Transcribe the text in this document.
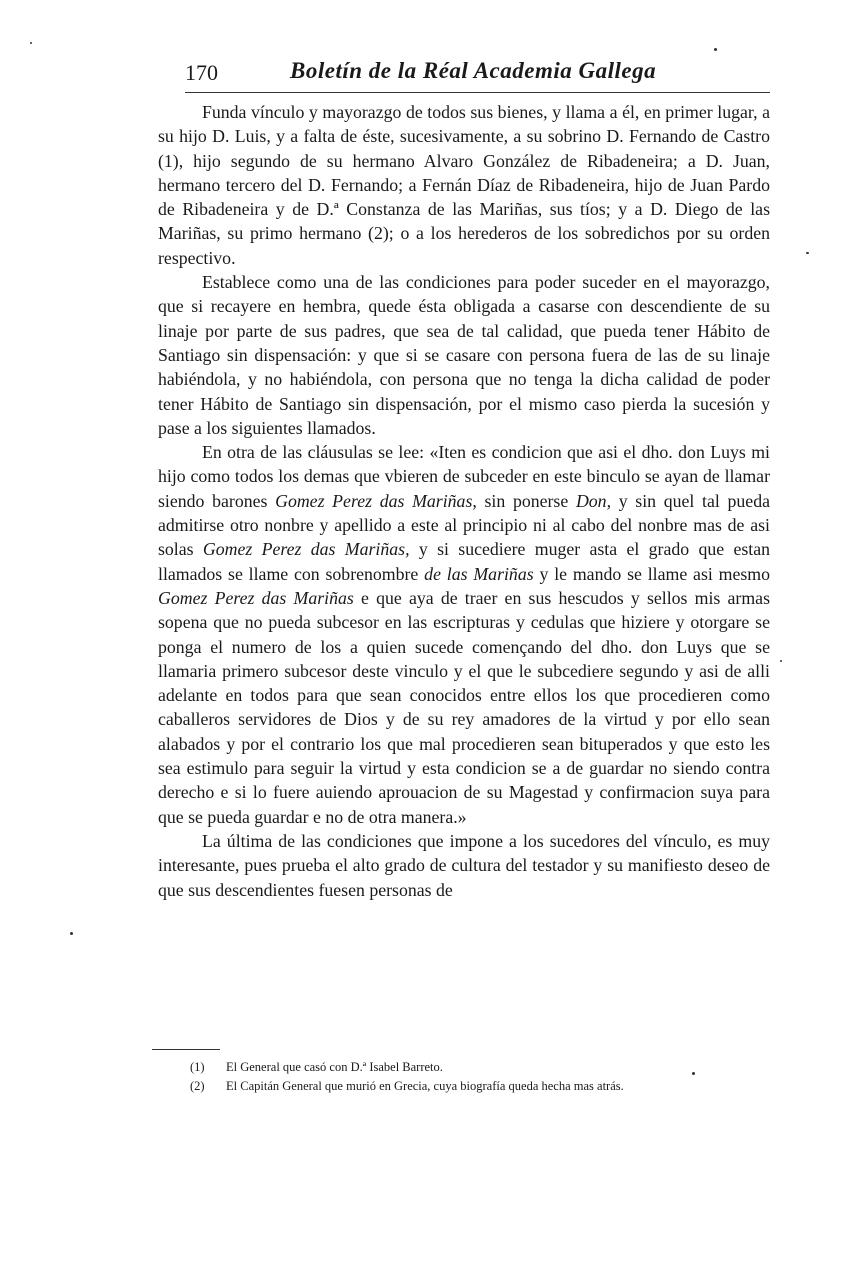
170	Boletín de la Réal Academia Gallega

Funda vínculo y mayorazgo de todos sus bienes, y llama a él, en primer lugar, a su hijo D. Luis, y a falta de éste, sucesivamente, a su sobrino D. Fernando de Castro (1), hijo segundo de su hermano Alvaro González de Ribadeneira; a D. Juan, hermano tercero del D. Fernando; a Fernán Díaz de Ribadeneira, hijo de Juan Pardo de Ribadeneira y de D.ª Constanza de las Mariñas, sus tíos; y a D. Diego de las Mariñas, su primo hermano (2); o a los herederos de los sobredichos por su orden respectivo.

Establece como una de las condiciones para poder suceder en el mayorazgo, que si recayere en hembra, quede ésta obligada a casarse con descendiente de su linaje por parte de sus padres, que sea de tal calidad, que pueda tener Hábito de Santiago sin dispensación: y que si se casare con persona fuera de las de su linaje habiéndola, y no habiéndola, con persona que no tenga la dicha calidad de poder tener Hábito de Santiago sin dispensación, por el mismo caso pierda la sucesión y pase a los siguientes llamados.

En otra de las cláusulas se lee: «Iten es condicion que asi el dho. don Luys mi hijo como todos los demas que vbieren de subceder en este binculo se ayan de llamar siendo barones Gomez Perez das Mariñas, sin ponerse Don, y sin quel tal pueda admitirse otro nonbre y apellido a este al principio ni al cabo del nonbre mas de asi solas Gomez Perez das Mariñas, y si sucediere muger asta el grado que estan llamados se llame con sobrenombre de las Mariñas y le mando se llame asi mesmo Gomez Perez das Mariñas e que aya de traer en sus hescudos y sellos mis armas sopena que no pueda subcesor en las escripturas y cedulas que hiziere y otorgare se ponga el numero de los a quien sucede començando del dho. don Luys que se llamaria primero subcesor deste vinculo y el que le subcediere segundo y asi de alli adelante en todos para que sean conocidos entre ellos los que procedieren como caballeros servidores de Dios y de su rey amadores de la virtud y por ello sean alabados y por el contrario los que mal procedieren sean bituperados y que esto les sea estimulo para seguir la virtud y esta condicion se a de guardar no siendo contra derecho e si lo fuere auiendo aprouacion de su Magestad y confirmacion suya para que se pueda guardar e no de otra manera.»

La última de las condiciones que impone a los sucedores del vínculo, es muy interesante, pues prueba el alto grado de cultura del testador y su manifiesto deseo de que sus descendientes fuesen personas de

(1) El General que casó con D.ª Isabel Barreto.
(2) El Capitán General que murió en Grecia, cuya biografía queda hecha mas atrás.
